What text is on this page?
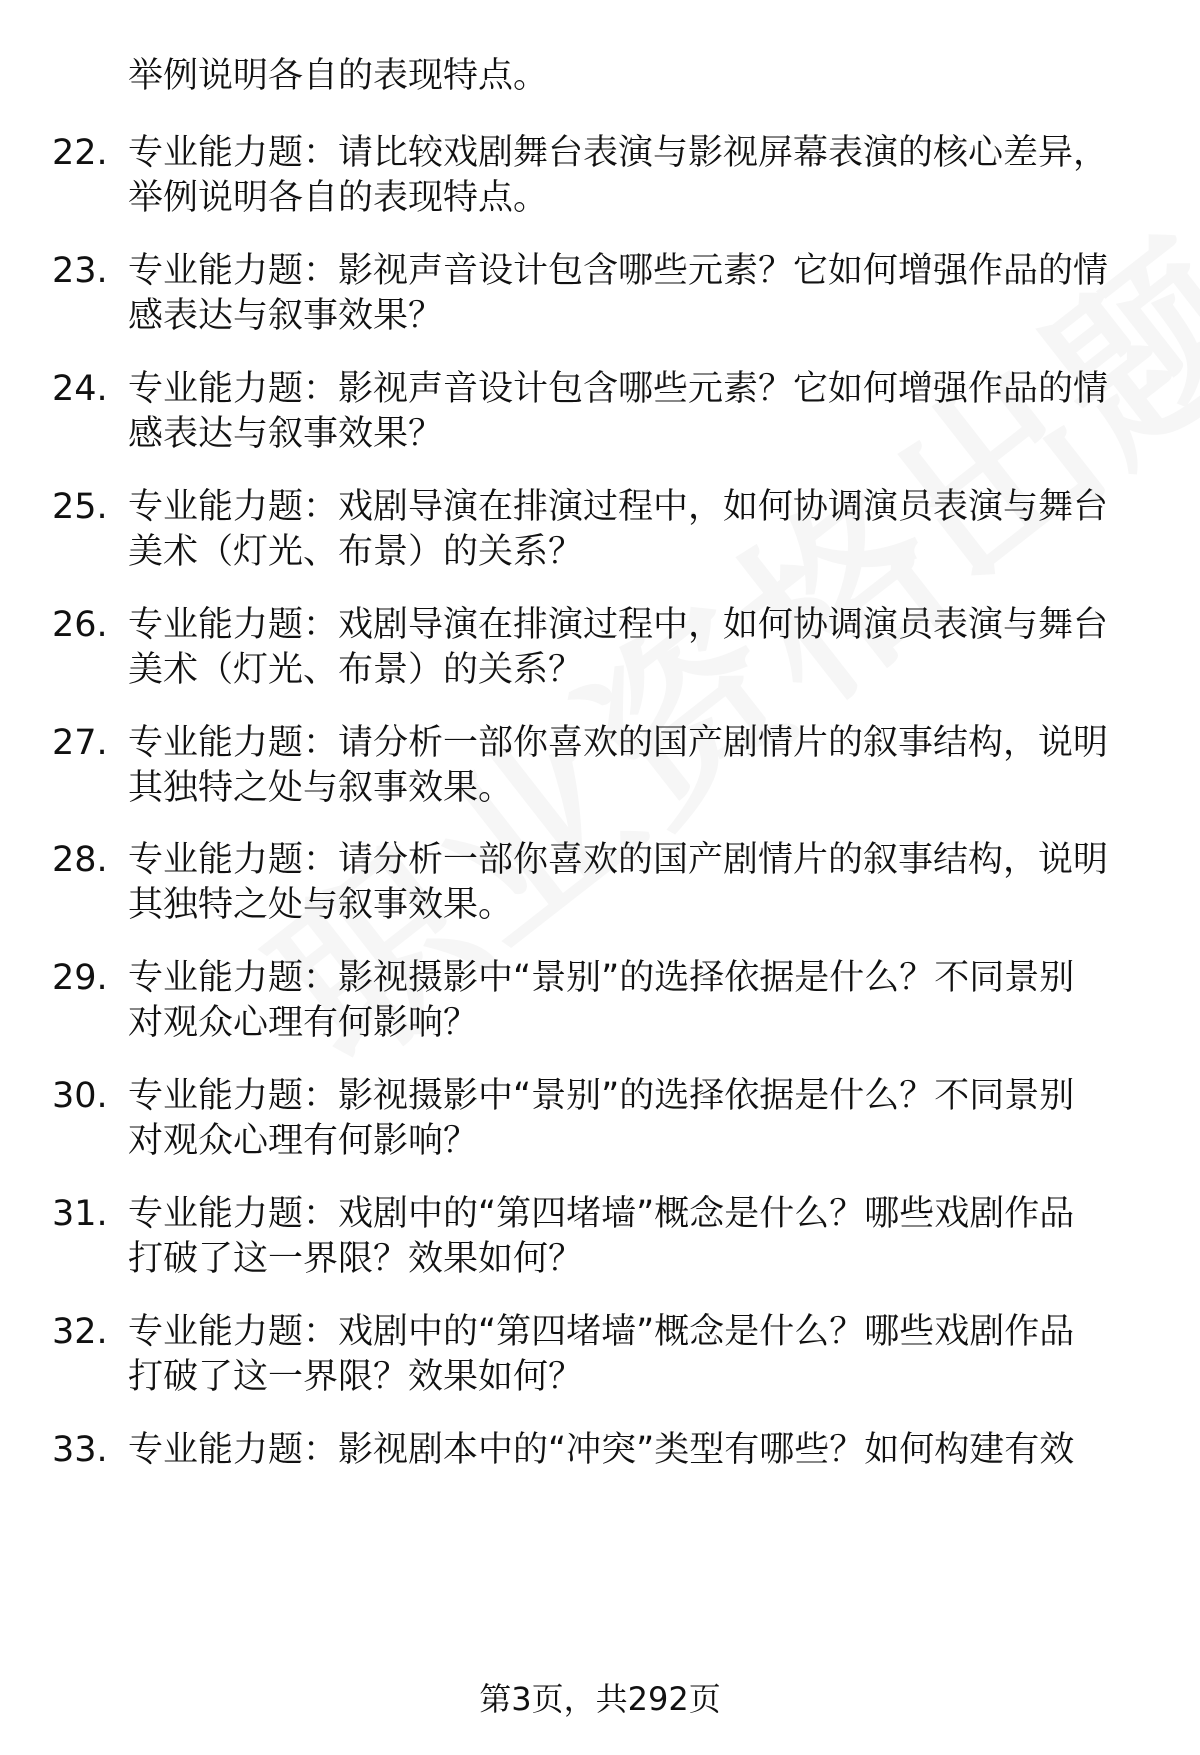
举例说明各自的表现特点。
22. 专业能力题：请比较戏剧舞台表演与影视屏幕表演的核心差异，
举例说明各自的表现特点。
23. 专业能力题：影视声音设计包含哪些元素？它如何增强作品的情
感表达与叙事效果？
24. 专业能力题：影视声音设计包含哪些元素？它如何增强作品的情
感表达与叙事效果？
25. 专业能力题：戏剧导演在排演过程中，如何协调演员表演与舞台
美术（灯光、布景）的关系？
26. 专业能力题：戏剧导演在排演过程中，如何协调演员表演与舞台
美术（灯光、布景）的关系？
27. 专业能力题：请分析一部你喜欢的国产剧情片的叙事结构，说明
其独特之处与叙事效果。
28. 专业能力题：请分析一部你喜欢的国产剧情片的叙事结构，说明
其独特之处与叙事效果。
29. 专业能力题：影视摄影中“景别”的选择依据是什么？不同景别
对观众心理有何影响？
30. 专业能力题：影视摄影中“景别”的选择依据是什么？不同景别
对观众心理有何影响？
31. 专业能力题：戏剧中的“第四堵墙”概念是什么？哪些戏剧作品
打破了这一界限？效果如何？
32. 专业能力题：戏剧中的“第四堵墙”概念是什么？哪些戏剧作品
打破了这一界限？效果如何？
33. 专业能力题：影视剧本中的“冲突”类型有哪些？如何构建有效
第3页，共292页
